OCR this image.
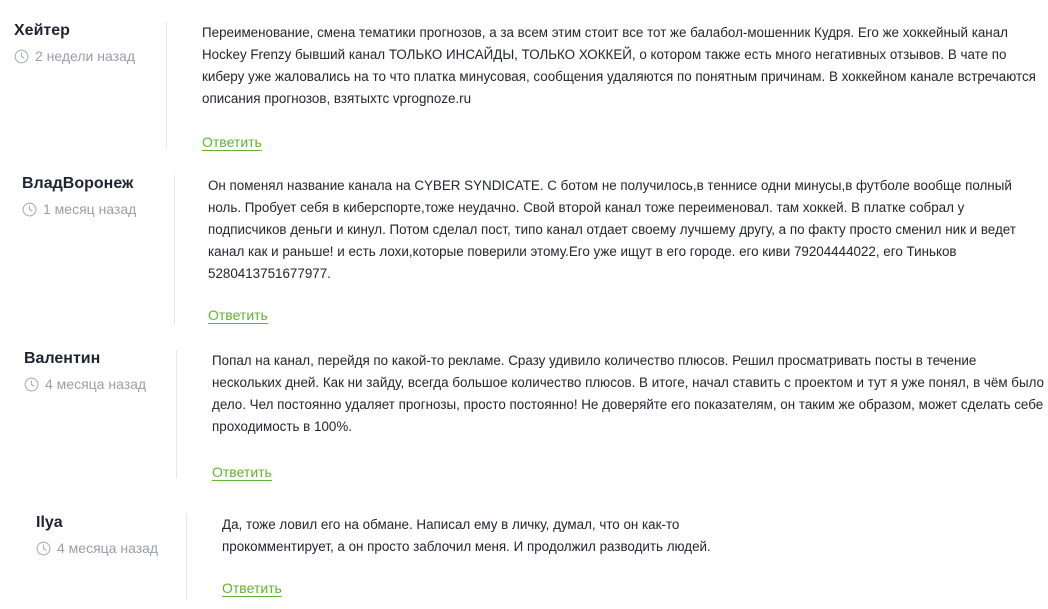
Хейтер
2 недели назад
Переименование, смена тематики прогнозов, а за всем этим стоит все тот же балабол-мошенник Кудря. Его же хоккейный канал Hockey Frenzy бывший канал ТОЛЬКО ИНСАЙДЫ, ТОЛЬКО ХОККЕЙ, о котором также есть много негативных отзывов. В чате по киберу уже жаловались на то что платка минусовая, сообщения удаляются по понятным причинам. В хоккейном канале встречаются описания прогнозов, взятыхтс vprognoze.ru
Ответить
ВладВоронеж
1 месяц назад
Он поменял название канала на CYBER SYNDICATE. С ботом не получилось,в теннисе одни минусы,в футболе вообще полный ноль. Пробует себя в киберспорте,тоже неудачно. Свой второй канал тоже переименовал. там хоккей. В платке собрал у подписчиков деньги и кинул. Потом сделал пост, типо канал отдает своему лучшему другу, а по факту просто сменил ник и ведет канал как и раньше! и есть лохи,которые поверили этому.Его уже ищут в его городе. его киви 79204444022, его Тиньков 5280413751677977.
Ответить
Валентин
4 месяца назад
Попал на канал, перейдя по какой-то рекламе. Сразу удивило количество плюсов. Решил просматривать посты в течение нескольких дней. Как ни зайду, всегда большое количество плюсов. В итоге, начал ставить с проектом и тут я уже понял, в чём было дело. Чел постоянно удаляет прогнозы, просто постоянно! Не доверяйте его показателям, он таким же образом, может сделать себе проходимость в 100%.
Ответить
Ilya
4 месяца назад
Да, тоже ловил его на обмане. Написал ему в личку, думал, что он как-то прокомментирует, а он просто заблочил меня. И продолжил разводить людей.
Ответить
